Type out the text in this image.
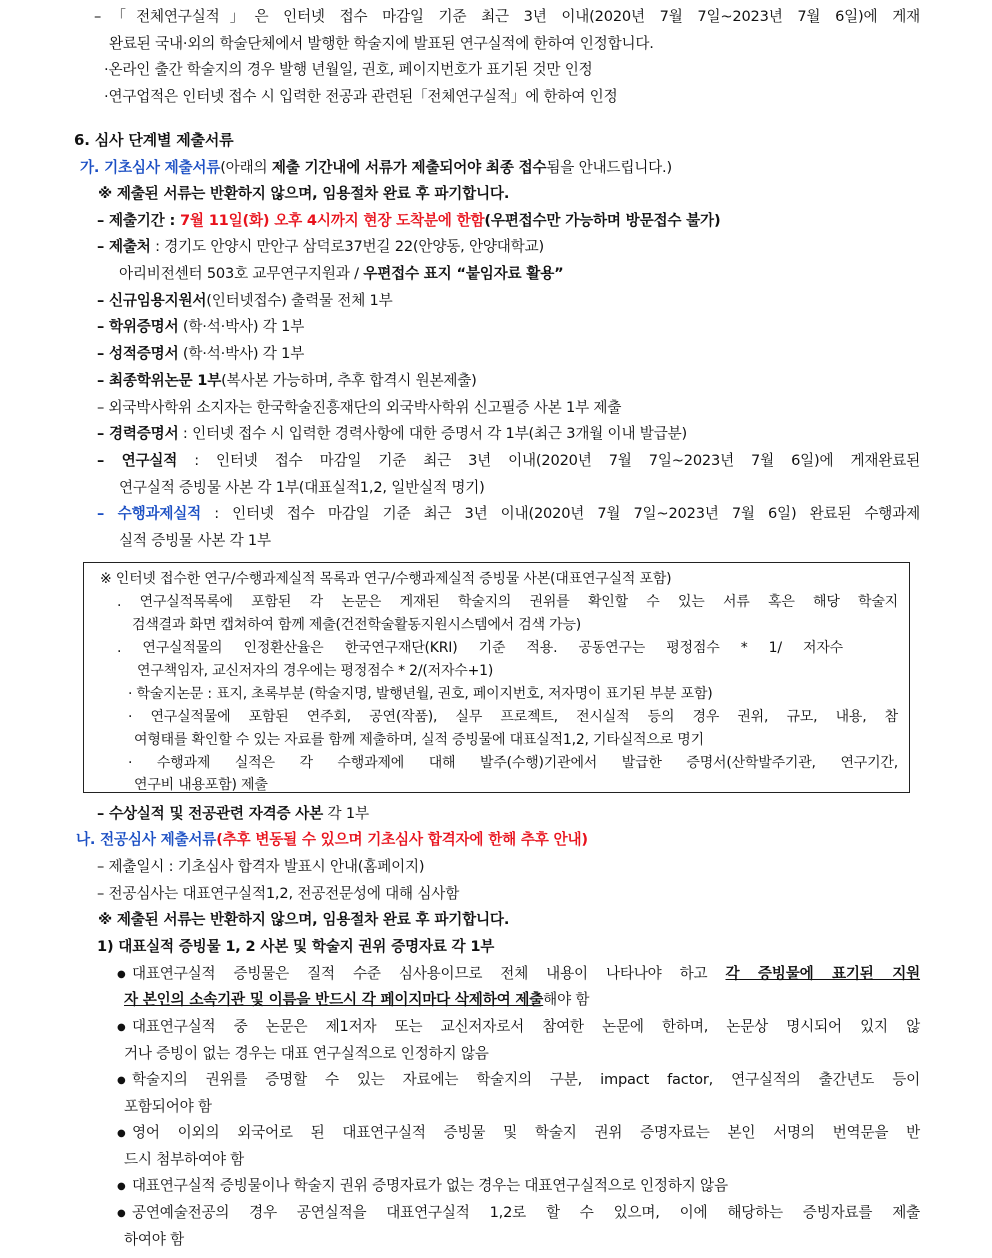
–「전체연구실적」은 인터넷 접수 마감일 기준 최근 3년 이내(2020년 7월 7일~2023년 7월 6일)에 게재
완료된 국내·외의 학술단체에서 발행한 학술지에 발표된 연구실적에 한하여 인정합니다.
·온라인 출간 학술지의 경우 발행 년월일, 권호, 페이지번호가 표기된 것만 인정
·연구업적은 인터넷 접수 시 입력한 전공과 관련된「전체연구실적」에 한하여 인정
6. 심사 단계별 제출서류
가. 기초심사 제출서류(아래의 제출 기간내에 서류가 제출되어야 최종 접수됨을 안내드립니다.)
※ 제출된 서류는 반환하지 않으며, 임용절차 완료 후 파기합니다.
– 제출기간 : 7월 11일(화) 오후 4시까지 현장 도착분에 한함(우편접수만 가능하며 방문접수 불가)
– 제출처 : 경기도 안양시 만안구 삼덕로37번길 22(안양동, 안양대학교)
아리비전센터 503호 교무연구지원과 / 우편접수 표지 “붙임자료 활용”
– 신규임용지원서(인터넷접수) 출력물 전체 1부
– 학위증명서 (학·석·박사) 각 1부
– 성적증명서 (학·석·박사) 각 1부
– 최종학위논문 1부(복사본 가능하며, 추후 합격시 원본제출)
– 외국박사학위 소지자는 한국학술진흥재단의 외국박사학위 신고필증 사본 1부 제출
– 경력증명서 : 인터넷 접수 시 입력한 경력사항에 대한 증명서 각 1부(최근 3개월 이내 발급분)
– 연구실적 : 인터넷 접수 마감일 기준 최근 3년 이내(2020년 7월 7일~2023년 7월 6일)에 게재완료된
연구실적 증빙물 사본 각 1부(대표실적1,2, 일반실적 명기)
– 수행과제실적 : 인터넷 접수 마감일 기준 최근 3년 이내(2020년 7월 7일~2023년 7월 6일) 완료된 수행과제
실적 증빙물 사본 각 1부
※ 인터넷 접수한 연구/수행과제실적 목록과 연구/수행과제실적 증빙물 사본(대표연구실적 포함)
. 연구실적목록에 포함된 각 논문은 게재된 학술지의 권위를 확인할 수 있는 서류 혹은 해당 학술지
검색결과 화면 캡쳐하여 함께 제출(건전학술활동지원시스템에서 검색 가능)
. 연구실적물의 인정환산율은 한국연구재단(KRI) 기준 적용. 공동연구는 평정점수 * 1/ 저자수
연구책임자, 교신저자의 경우에는 평정점수 * 2/(저자수+1)
· 학술지논문 : 표지, 초록부분 (학술지명, 발행년월, 권호, 페이지번호, 저자명이 표기된 부분 포함)
· 연구실적물에 포함된 연주회, 공연(작품), 실무 프로젝트, 전시실적 등의 경우 권위, 규모, 내용, 참
여형태를 확인할 수 있는 자료를 함께 제출하며, 실적 증빙물에 대표실적1,2, 기타실적으로 명기
· 수행과제 실적은 각 수행과제에 대해 발주(수행)기관에서 발급한 증명서(산학발주기관, 연구기간,
연구비 내용포함) 제출
– 수상실적 및 전공관련 자격증 사본 각 1부
나. 전공심사 제출서류(추후 변동될 수 있으며 기초심사 합격자에 한해 추후 안내)
– 제출일시 : 기초심사 합격자 발표시 안내(홈페이지)
– 전공심사는 대표연구실적1,2, 전공전문성에 대해 심사함
※ 제출된 서류는 반환하지 않으며, 임용절차 완료 후 파기합니다.
1) 대표실적 증빙물 1, 2 사본 및 학술지 권위 증명자료 각 1부
● 대표연구실적 증빙물은 질적 수준 심사용이므로 전체 내용이 나타나야 하고 각 증빙물에 표기된 지원
자 본인의 소속기관 및 이름을 반드시 각 페이지마다 삭제하여 제출해야 함
● 대표연구실적 중 논문은 제1저자 또는 교신저자로서 참여한 논문에 한하며, 논문상 명시되어 있지 않
거나 증빙이 없는 경우는 대표 연구실적으로 인정하지 않음
● 학술지의 권위를 증명할 수 있는 자료에는 학술지의 구분, impact factor, 연구실적의 출간년도 등이
포함되어야 함
● 영어 이외의 외국어로 된 대표연구실적 증빙물 및 학술지 권위 증명자료는 본인 서명의 번역문을 반
드시 첨부하여야 함
● 대표연구실적 증빙물이나 학술지 권위 증명자료가 없는 경우는 대표연구실적으로 인정하지 않음
● 공연예술전공의 경우 공연실적을 대표연구실적 1,2로 할 수 있으며, 이에 해당하는 증빙자료를 제출
하여야 함
